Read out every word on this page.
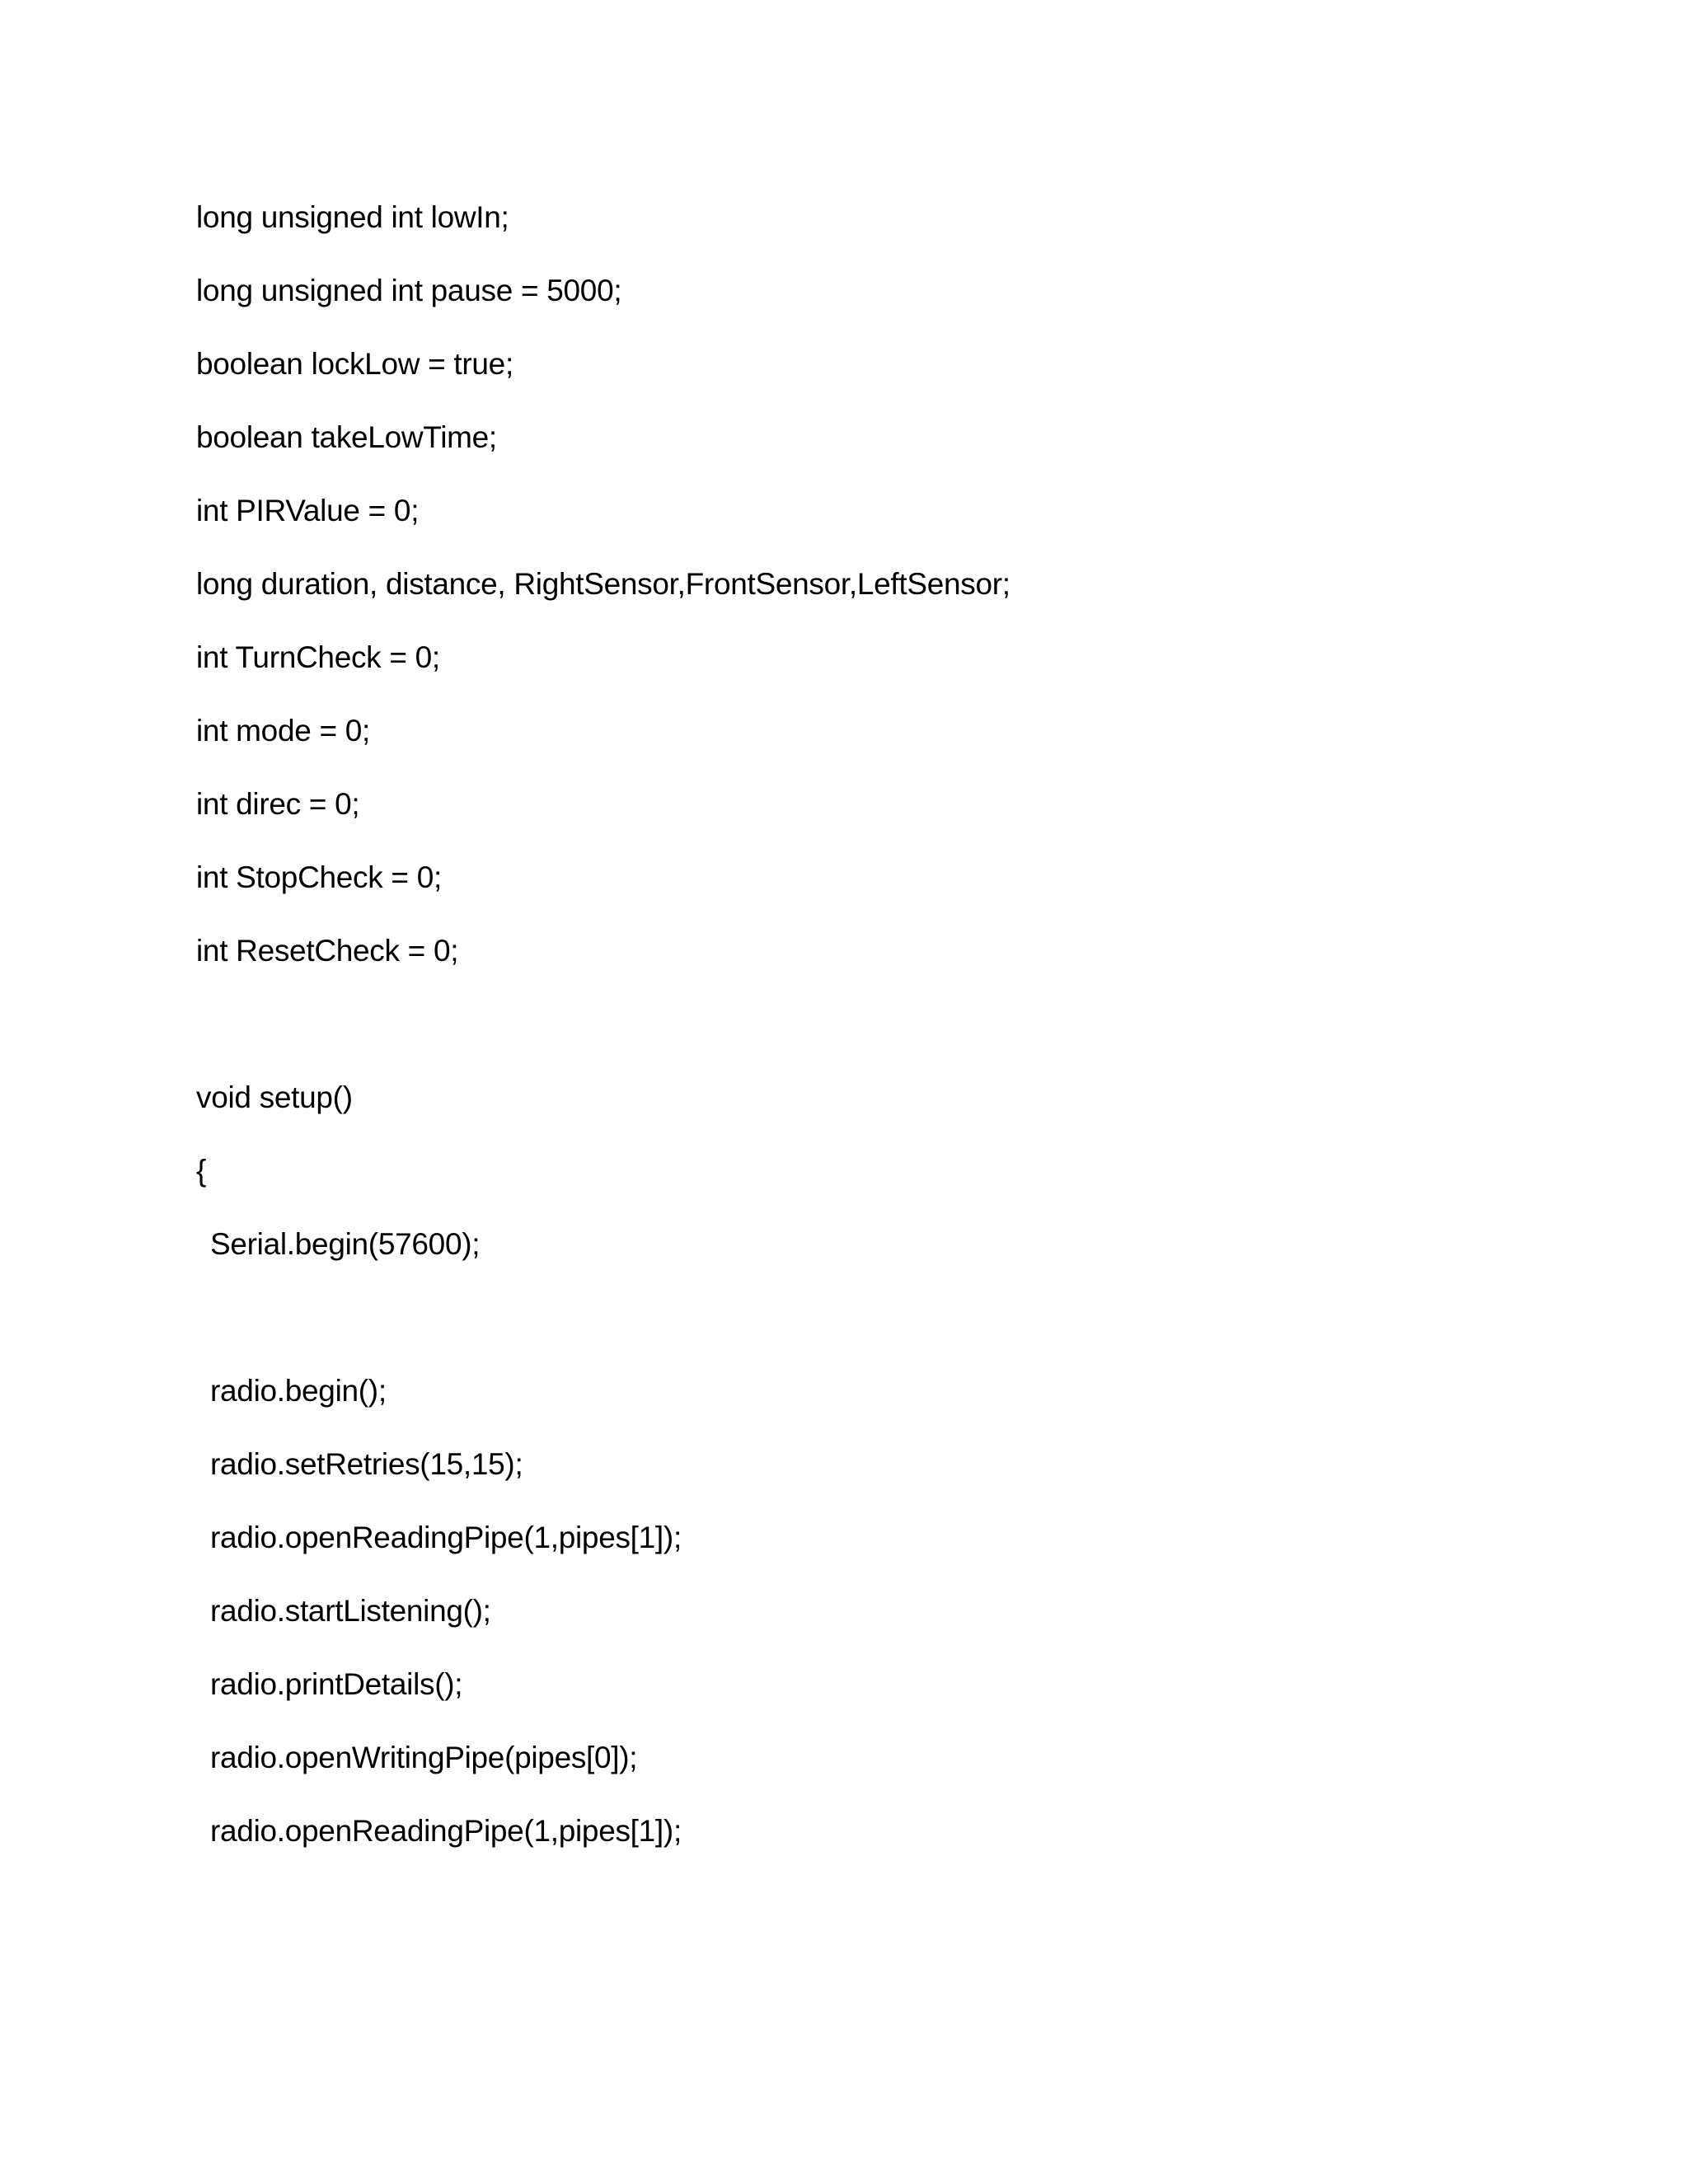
long unsigned int lowIn;
long unsigned int pause = 5000;
boolean lockLow = true;
boolean takeLowTime;
int PIRValue = 0;
long duration, distance, RightSensor,FrontSensor,LeftSensor;
int TurnCheck = 0;
int mode = 0;
int direc = 0;
int StopCheck = 0;
int ResetCheck = 0;
void setup()
{
Serial.begin(57600);
radio.begin();
radio.setRetries(15,15);
radio.openReadingPipe(1,pipes[1]);
radio.startListening();
radio.printDetails();
radio.openWritingPipe(pipes[0]);
radio.openReadingPipe(1,pipes[1]);
